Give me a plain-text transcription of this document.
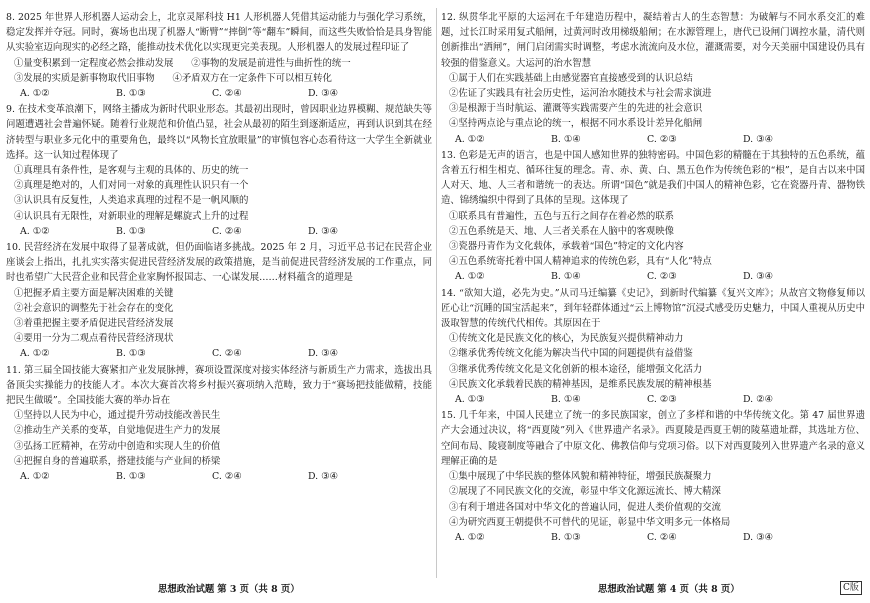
8. 2025 年世界人形机器人运动会上，北京灵犀科技 H1 人形机器人凭借其运动能力与强化学习系统，稳定发挥并夺冠。同时，赛场也出现了机器人“断臂”“摔倒”等“翻车”瞬间，而这些失败恰恰是具身智能从实验室迈向现实的必经之路，能推动技术优化以实现更完美表现。人形机器人的发展过程印证了
①量变积累到一定程度必然会推动发展 ②事物的发展是前进性与曲折性的统一
③发展的实质是新事物取代旧事物 ④矛盾双方在一定条件下可以相互转化
A. ①②	B. ①③	C. ②④	D. ③④
9. 在技术变革浪潮下，网络主播成为新时代职业形态。其最初出现时，曾因职业边界模糊、规范缺失等问题遭遇社会普遍怀疑。随着行业规范和价值凸显，社会从最初的陌生到逐渐适应，再到认识到其在经济转型与职业多元化中的重要角色，最终以“风物长宜放眼量”的审慎包容心态看待这一大学生全新就业选择。这一认知过程体现了
①真理具有条件性，是客观与主观的具体的、历史的统一
②真理是绝对的，人们对同一对象的真理性认识只有一个
③认识具有反复性，人类追求真理的过程不是一帆风顺的
④认识具有无限性，对新职业的理解是螺旋式上升的过程
A. ①②	B. ①③	C. ②④	D. ③④
10. 民营经济在发展中取得了显著成就，但仍面临诸多挑战。2025 年 2 月，习近平总书记在民营企业座谈会上指出，扎扎实实落实促进民营经济发展的政策措施，是当前促进民营经济发展的工作重点，同时也希望广大民营企业和民营企业家胸怀报国志、一心谋发展……材料蕴含的道理是
①把握矛盾主要方面是解决困难的关键
②社会意识的调整先于社会存在的变化
③着重把握主要矛盾促进民营经济发展
④要用一分为二观点看待民营经济现状
A. ①②	B. ①③	C. ②④	D. ③④
11. 第三届全国技能大赛紧扣产业发展脉搏，赛项设置深度对接实体经济与新质生产力需求，选拔出具备顶尖实操能力的技能人才。本次大赛首次将乡村振兴赛项纳入范畴，致力于“赛场把技能做精，技能把民生做暖”。全国技能大赛的举办旨在
①坚持以人民为中心，通过提升劳动技能改善民生
②推动生产关系的变革，自觉地促进生产力的发展
③弘扬工匠精神，在劳动中创造和实现人生的价值
④把握自身的普遍联系，搭建技能与产业间的桥梁
A. ①②	B. ①③	C. ②④	D. ③④
12. 纵贯华北平原的大运河在千年建造历程中，凝结着古人的生态智慧：为破解与不同水系交汇的难题，过长江时采用复式船闸，过黄河时改用梯级船闸；在水源管理上，唐代已设闸门调控水量，清代则创新推出“洒闸”，闸门启闭需实时调整，考虑水流流向及水位，灌溉需要，对今天美丽中国建设仍具有较强的借鉴意义。大运河的治水智慧
①属于人们在实践基础上由感觉器官直接感受到的认识总结
②佐证了实践具有社会历史性，运河治水随技术与社会需求演进
③是根源于当时航运、灌溉等实践需要产生的先进的社会意识
④坚持两点论与重点论的统一，根据不同水系设计差异化船闸
A. ①②	B. ①④	C. ②③	D. ③④
13. 色彩是无声的语言，也是中国人感知世界的独特密码。中国色彩的精髓在于其独特的五色系统，蕴含着五行相生相克、循环往复的理念。青、赤、黄、白、黑五色作为传统色彩的“根”，是自古以来中国人对天、地、人三者和谐统一的表达。所谓“国色”就是我们中国人的精神色彩，它在瓷器丹青、器物铁造、锦绣编织中得到了具体的呈现。这体现了
①联系具有普遍性，五色与五行之间存在着必然的联系
②五色系统是天、地、人三者关系在人脑中的客观映像
③瓷器丹青作为文化载体，承载着“国色”特定的文化内容
④五色系统寄托着中国人精神追求的传统色彩，具有“人化”特点
A. ①②	B. ①④	C. ②③	D. ③④
14. “欲知大道，必先为史。”从司马迁编纂《史记》，到新时代编纂《复兴文库》；从故宫文物修复师以匠心让“沉睡的国宝活起来”，到年轻群体通过“云上博物馆”沉浸式感受历史魅力，中国人重视从历史中汲取智慧的传统代代相传。其原因在于
①传统文化是民族文化的核心，为民族复兴提供精神动力
②继承优秀传统文化能为解决当代中国的问题提供有益借鉴
③继承优秀传统文化是文化创新的根本途径，能增强文化活力
④民族文化承载着民族的精神基因，是维系民族发展的精神根基
A. ①③	B. ①④	C. ②③	D. ②④
15. 几千年来，中国人民建立了统一的多民族国家，创立了多样和谐的中华传统文化。第 47 届世界遗产大会通过决议，将“西夏陵”列入《世界遗产名录》。西夏陵是西夏王朝的陵墓遗址群，其选址方位、空间布局、陵寝制度等融合了中原文化、佛教信仰与党项习俗。以下对西夏陵列入世界遗产名录的意义理解正确的是
①集中展现了中华民族的整体风貌和精神特征，增强民族凝聚力
②展现了不同民族文化的交流，彰显中华文化源远流长、博大精深
③有利于增进各国对中华文化的普遍认同，促进人类价值观的交流
④为研究西夏王朝提供不可替代的见证，彰显中华文明多元一体格局
A. ①②	B. ①③	C. ②④	D. ③④
思想政治试题 第 3 页（共 8 页）	思想政治试题 第 4 页（共 8 页）	C版
